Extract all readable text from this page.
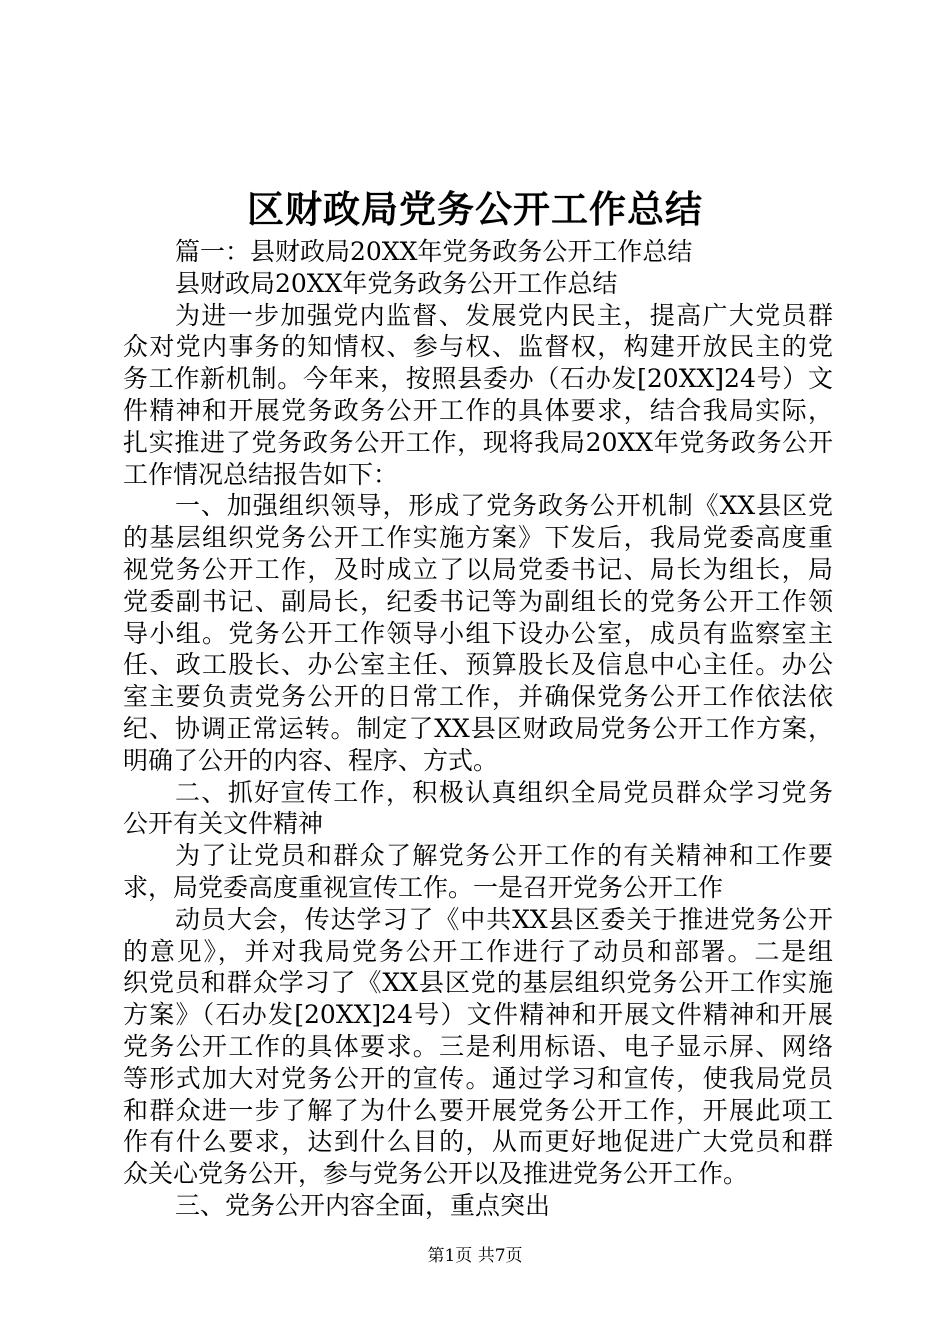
区财政局党务公开工作总结
篇一：县财政局20XX年党务政务公开工作总结
县财政局20XX年党务政务公开工作总结
为进一步加强党内监督、发展党内民主，提高广大党员群
众对党内事务的知情权、参与权、监督权，构建开放民主的党
务工作新机制。今年来，按照县委办（石办发[20XX]24号）文
件精神和开展党务政务公开工作的具体要求，结合我局实际，
扎实推进了党务政务公开工作，现将我局20XX年党务政务公开
工作情况总结报告如下：
一、加强组织领导，形成了党务政务公开机制《XX县区党
的基层组织党务公开工作实施方案》下发后，我局党委高度重
视党务公开工作，及时成立了以局党委书记、局长为组长，局
党委副书记、副局长，纪委书记等为副组长的党务公开工作领
导小组。党务公开工作领导小组下设办公室，成员有监察室主
任、政工股长、办公室主任、预算股长及信息中心主任。办公
室主要负责党务公开的日常工作，并确保党务公开工作依法依
纪、协调正常运转。制定了XX县区财政局党务公开工作方案，
明确了公开的内容、程序、方式。
二、抓好宣传工作，积极认真组织全局党员群众学习党务
公开有关文件精神
为了让党员和群众了解党务公开工作的有关精神和工作要
求，局党委高度重视宣传工作。一是召开党务公开工作
动员大会，传达学习了《中共XX县区委关于推进党务公开
的意见》，并对我局党务公开工作进行了动员和部署。二是组
织党员和群众学习了《XX县区党的基层组织党务公开工作实施
方案》（石办发[20XX]24号）文件精神和开展文件精神和开展
党务公开工作的具体要求。三是利用标语、电子显示屏、网络
等形式加大对党务公开的宣传。通过学习和宣传，使我局党员
和群众进一步了解了为什么要开展党务公开工作，开展此项工
作有什么要求，达到什么目的，从而更好地促进广大党员和群
众关心党务公开，参与党务公开以及推进党务公开工作。
三、党务公开内容全面，重点突出
第1页 共7页
